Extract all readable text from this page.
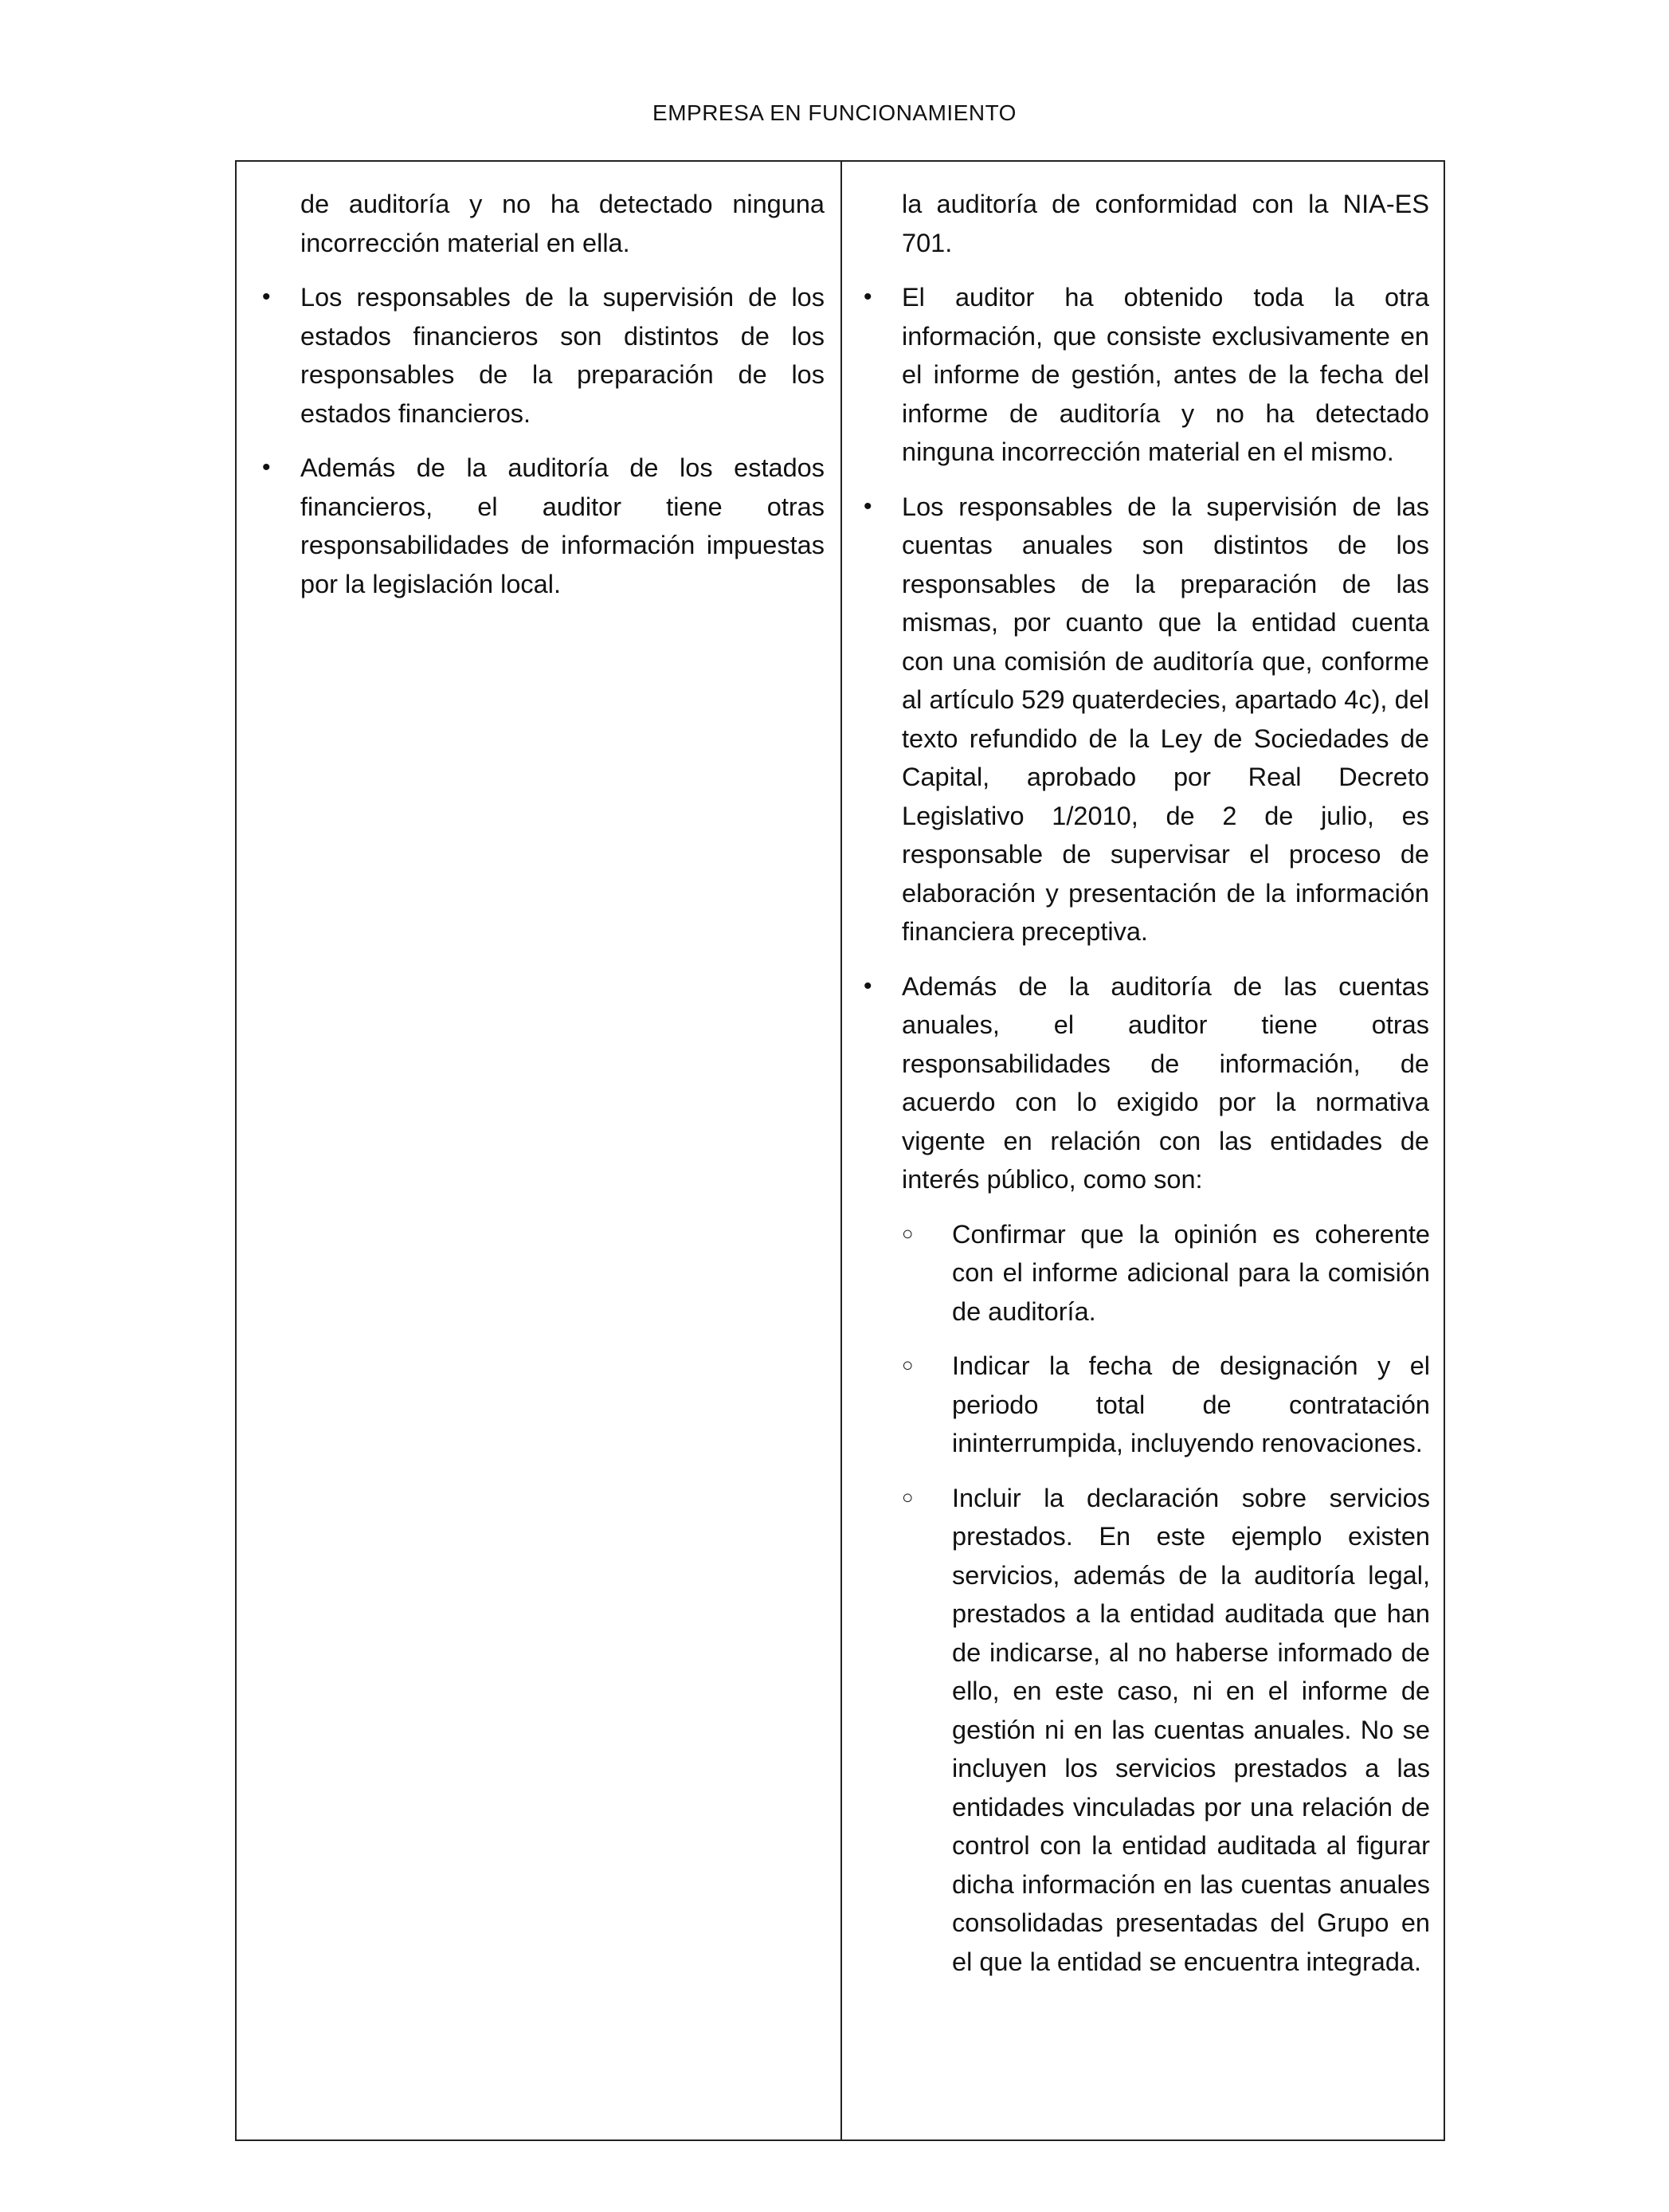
EMPRESA EN FUNCIONAMIENTO
de auditoría y no ha detectado ninguna incorrección material en ella.
• Los responsables de la supervisión de los estados financieros son distintos de los responsables de la preparación de los estados financieros.
• Además de la auditoría de los estados financieros, el auditor tiene otras responsabilidades de información impuestas por la legislación local.
la auditoría de conformidad con la NIA-ES 701.
• El auditor ha obtenido toda la otra información, que consiste exclusivamente en el informe de gestión, antes de la fecha del informe de auditoría y no ha detectado ninguna incorrección material en el mismo.
• Los responsables de la supervisión de las cuentas anuales son distintos de los responsables de la preparación de las mismas, por cuanto que la entidad cuenta con una comisión de auditoría que, conforme al artículo 529 quaterdecies, apartado 4c), del texto refundido de la Ley de Sociedades de Capital, aprobado por Real Decreto Legislativo 1/2010, de 2 de julio, es responsable de supervisar el proceso de elaboración y presentación de la información financiera preceptiva.
• Además de la auditoría de las cuentas anuales, el auditor tiene otras responsabilidades de información, de acuerdo con lo exigido por la normativa vigente en relación con las entidades de interés público, como son:
○ Confirmar que la opinión es coherente con el informe adicional para la comisión de auditoría.
○ Indicar la fecha de designación y el periodo total de contratación ininterrumpida, incluyendo renovaciones.
○ Incluir la declaración sobre servicios prestados. En este ejemplo existen servicios, además de la auditoría legal, prestados a la entidad auditada que han de indicarse, al no haberse informado de ello, en este caso, ni en el informe de gestión ni en las cuentas anuales. No se incluyen los servicios prestados a las entidades vinculadas por una relación de control con la entidad auditada al figurar dicha información en las cuentas anuales consolidadas presentadas del Grupo en el que la entidad se encuentra integrada.
